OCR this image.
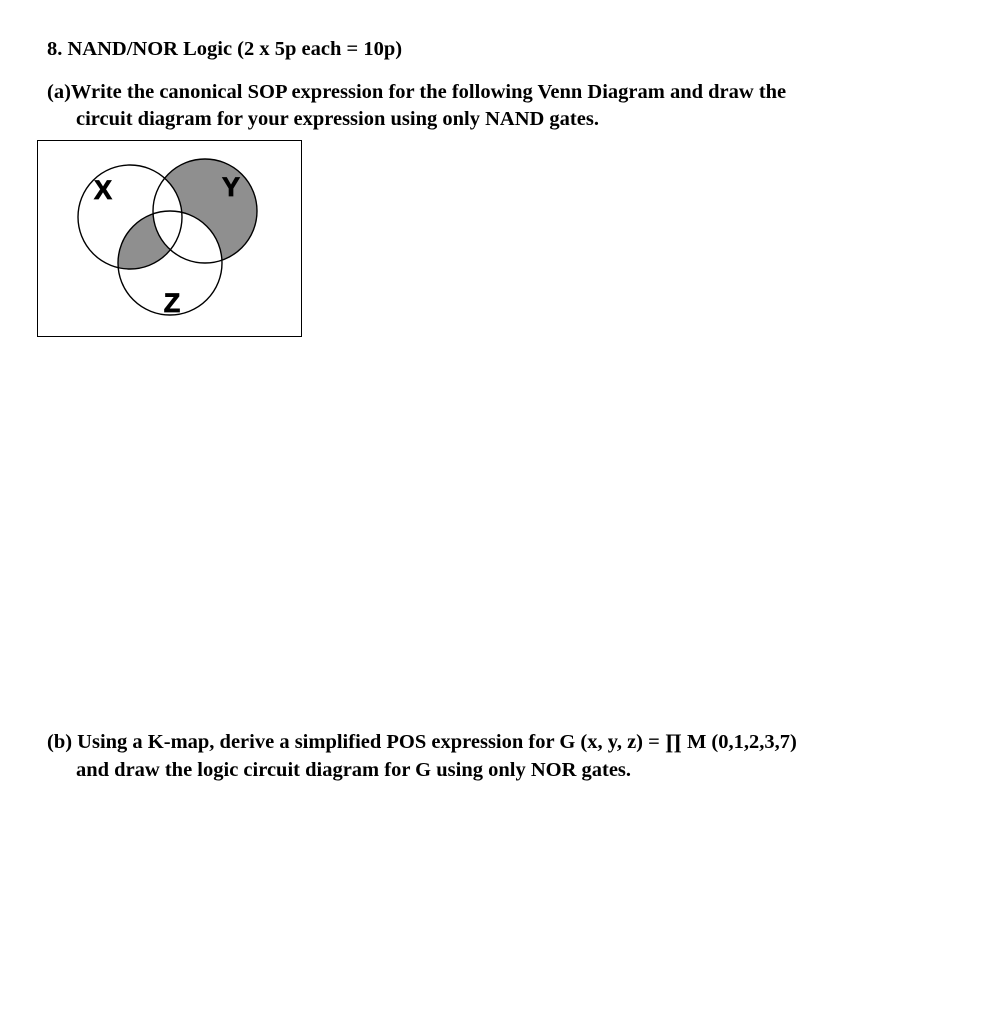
8. NAND/NOR Logic (2 x 5p each = 10p)
(a)Write the canonical SOP expression for the following Venn Diagram and draw the
circuit diagram for your expression using only NAND gates.
X	Y
Z
(b) Using a K-map, derive a simplified POS expression for G (x, y, z) = ∏ M (0,1,2,3,7)
and draw the logic circuit diagram for G using only NOR gates.
